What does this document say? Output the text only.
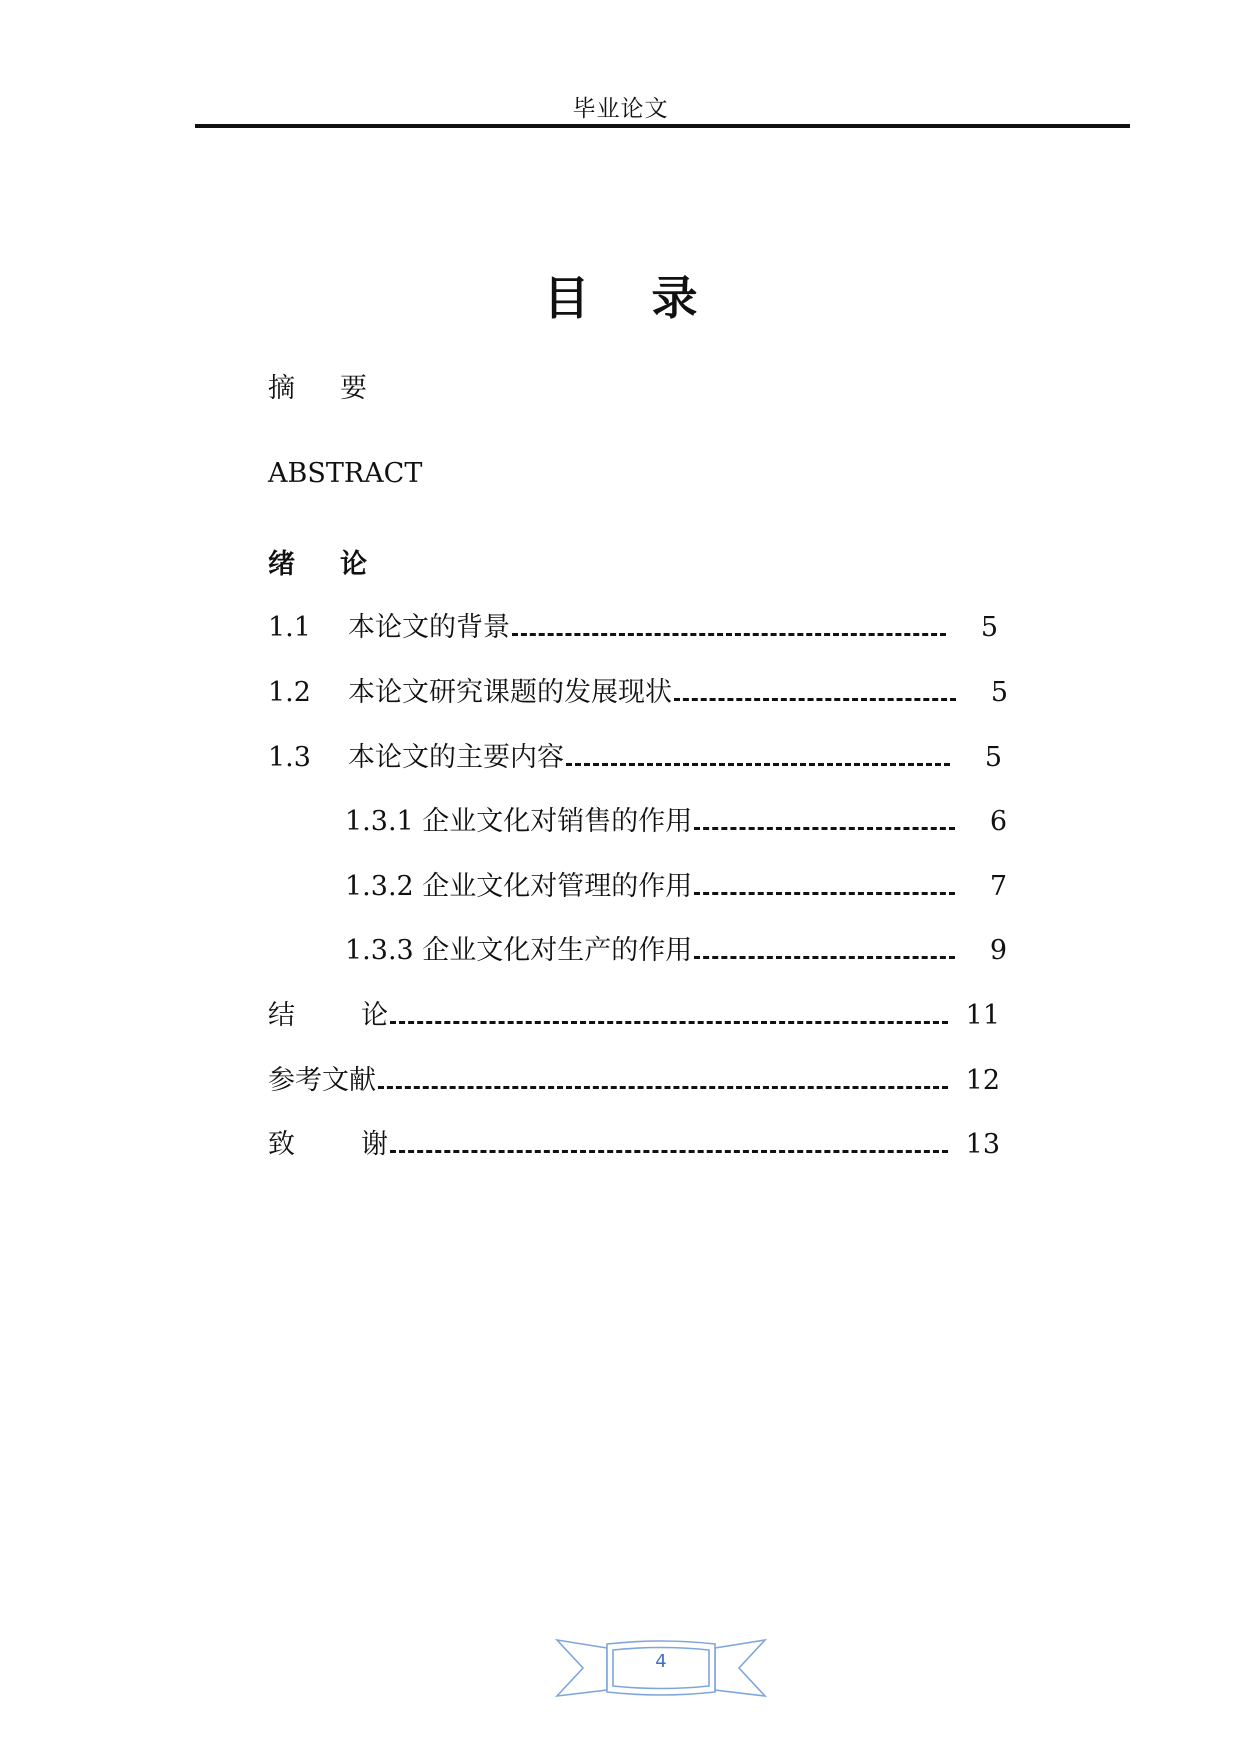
毕业论文
目录
摘要
ABSTRACT
绪论
1.1 本论文的背景	5
1.2 本论文研究课题的发展现状	5
1.3 本论文的主要内容	5
1.3.1 企业文化对销售的作用	6
1.3.2 企业文化对管理的作用	7
1.3.3 企业文化对生产的作用	9
结论	11
参考文献	12
致谢	13
4
